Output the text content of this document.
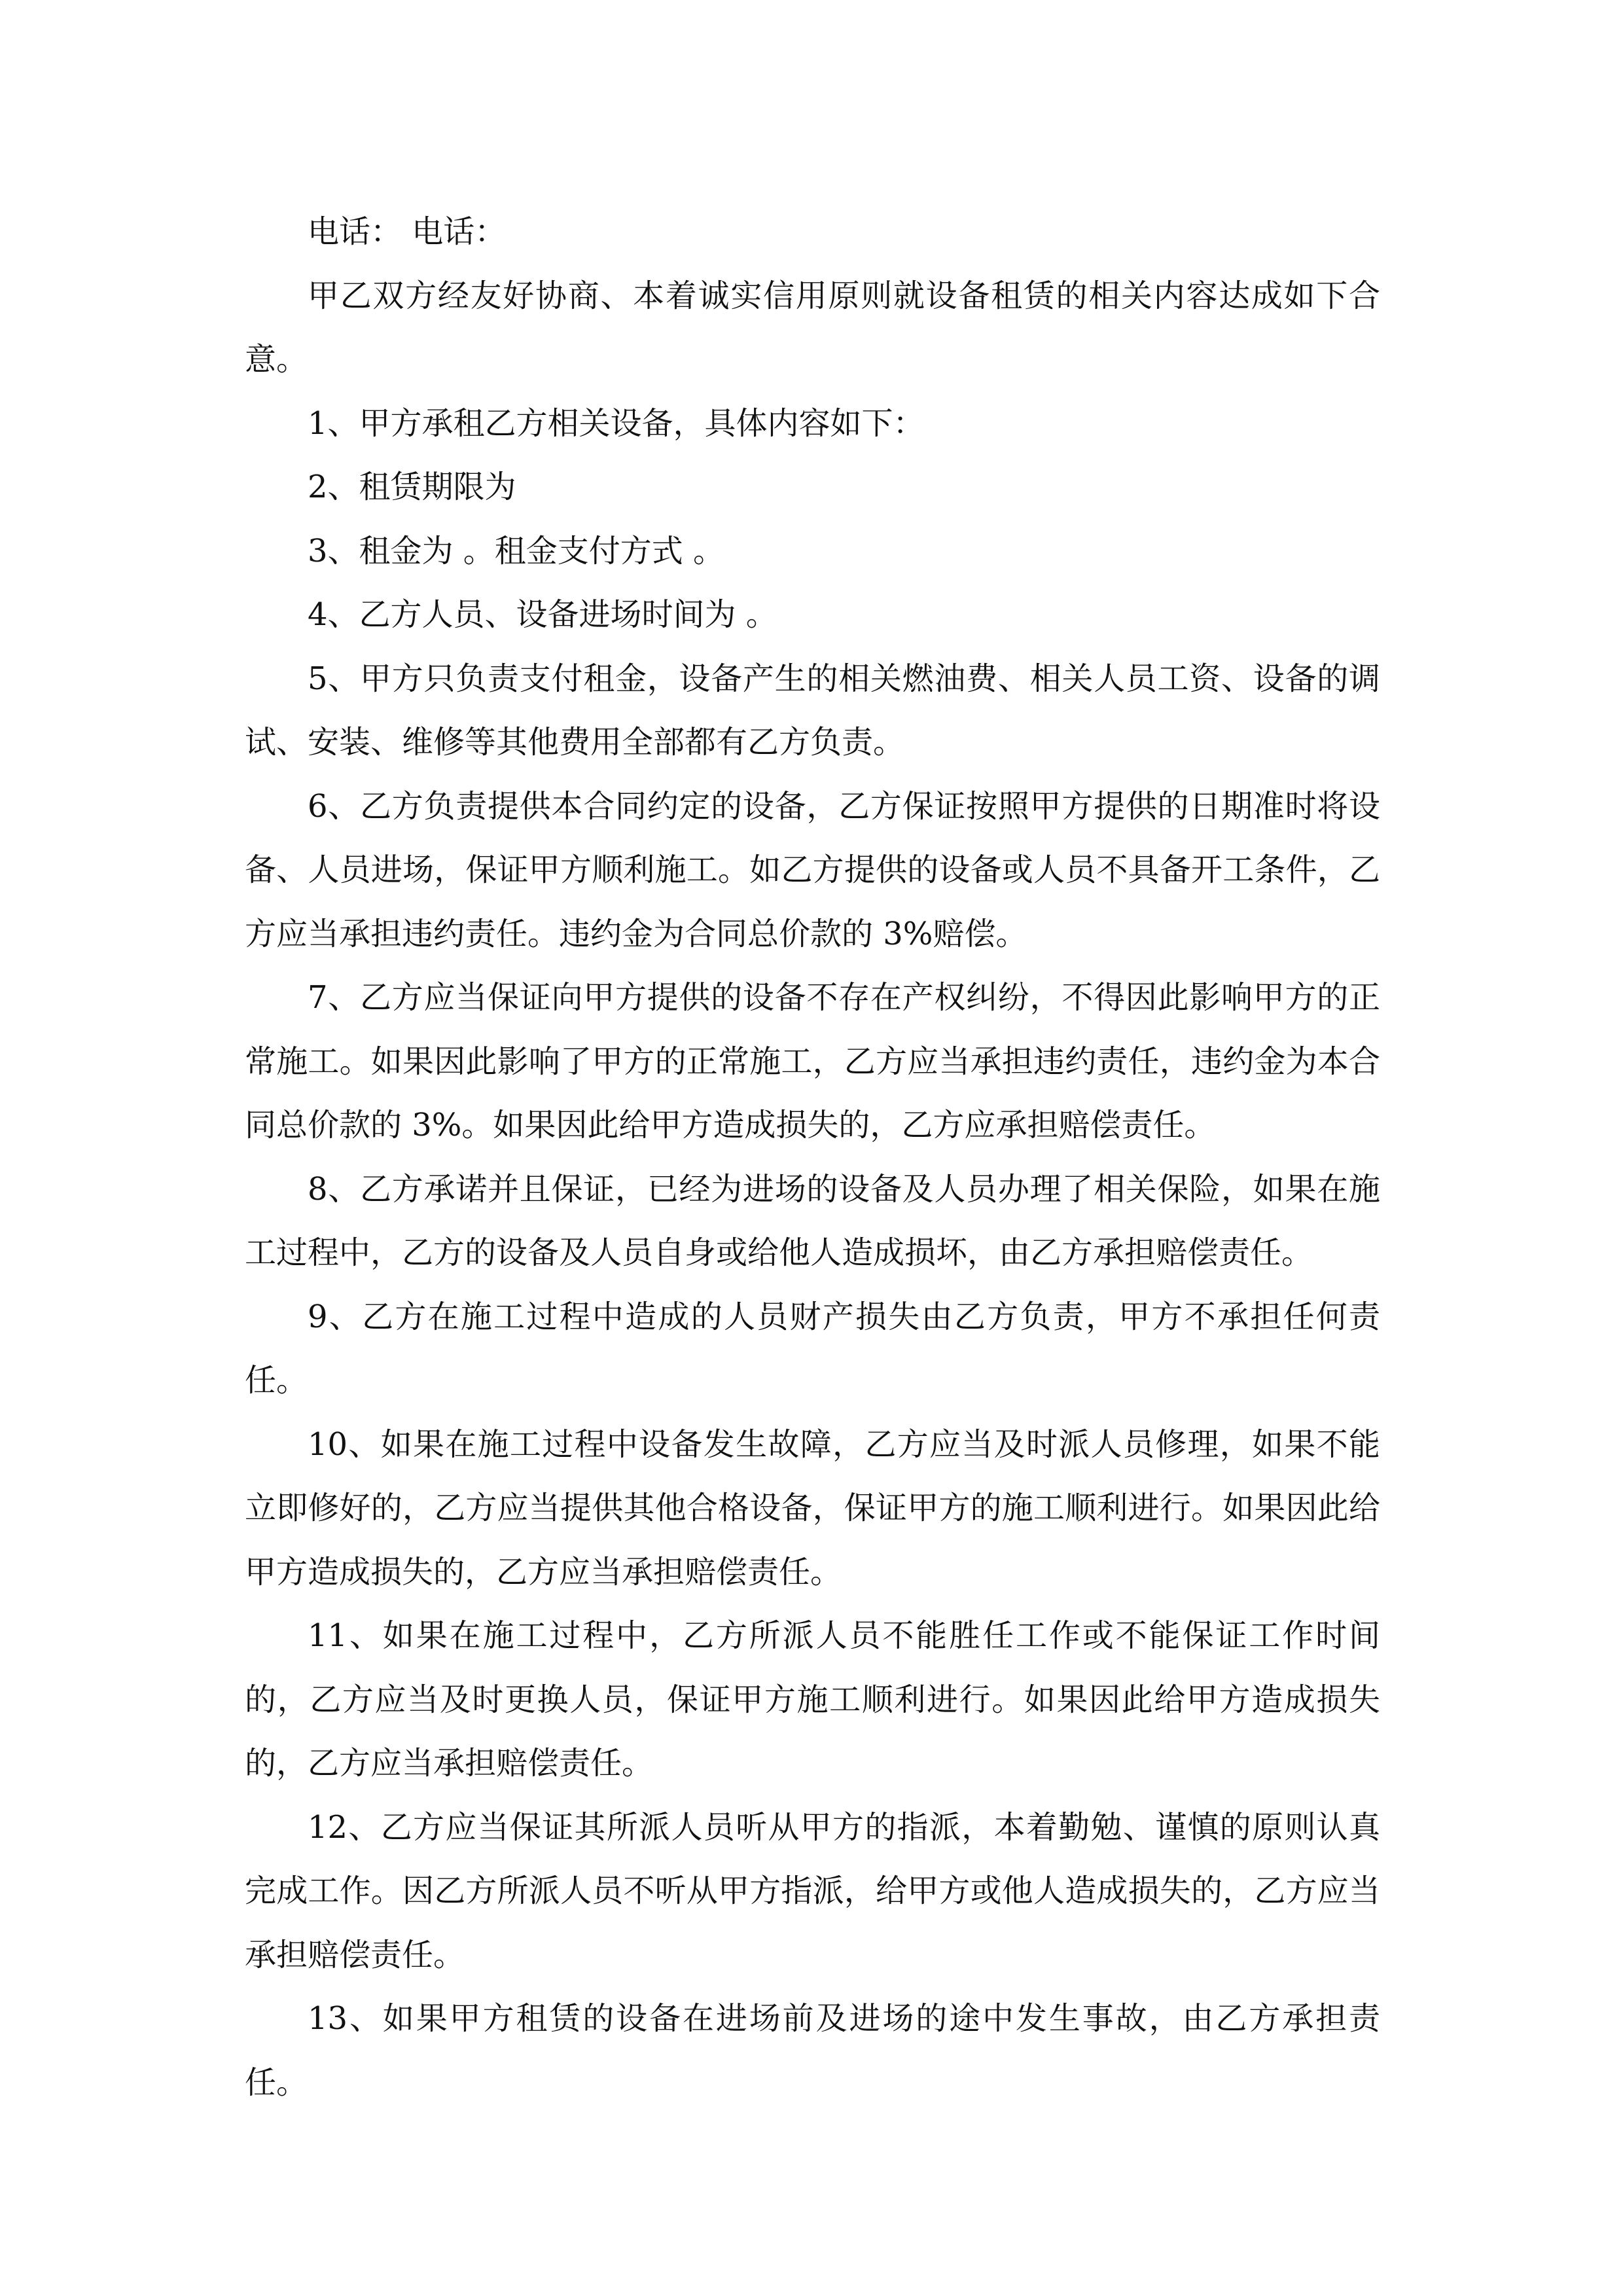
电话： 电话：

甲乙双方经友好协商、本着诚实信用原则就设备租赁的相关内容达成如下合意。

1、甲方承租乙方相关设备，具体内容如下：

2、租赁期限为

3、租金为 。租金支付方式 。

4、乙方人员、设备进场时间为 。

5、甲方只负责支付租金，设备产生的相关燃油费、相关人员工资、设备的调试、安装、维修等其他费用全部都有乙方负责。

6、乙方负责提供本合同约定的设备，乙方保证按照甲方提供的日期准时将设备、人员进场，保证甲方顺利施工。如乙方提供的设备或人员不具备开工条件，乙方应当承担违约责任。违约金为合同总价款的 3%赔偿。

7、乙方应当保证向甲方提供的设备不存在产权纠纷，不得因此影响甲方的正常施工。如果因此影响了甲方的正常施工，乙方应当承担违约责任，违约金为本合同总价款的 3%。如果因此给甲方造成损失的，乙方应承担赔偿责任。

8、乙方承诺并且保证，已经为进场的设备及人员办理了相关保险，如果在施工过程中，乙方的设备及人员自身或给他人造成损坏，由乙方承担赔偿责任。

9、乙方在施工过程中造成的人员财产损失由乙方负责，甲方不承担任何责任。

10、如果在施工过程中设备发生故障，乙方应当及时派人员修理，如果不能立即修好的，乙方应当提供其他合格设备，保证甲方的施工顺利进行。如果因此给甲方造成损失的，乙方应当承担赔偿责任。

11、如果在施工过程中，乙方所派人员不能胜任工作或不能保证工作时间的，乙方应当及时更换人员，保证甲方施工顺利进行。如果因此给甲方造成损失的，乙方应当承担赔偿责任。

12、乙方应当保证其所派人员听从甲方的指派，本着勤勉、谨慎的原则认真完成工作。因乙方所派人员不听从甲方指派，给甲方或他人造成损失的，乙方应当承担赔偿责任。

13、如果甲方租赁的设备在进场前及进场的途中发生事故，由乙方承担责任。
